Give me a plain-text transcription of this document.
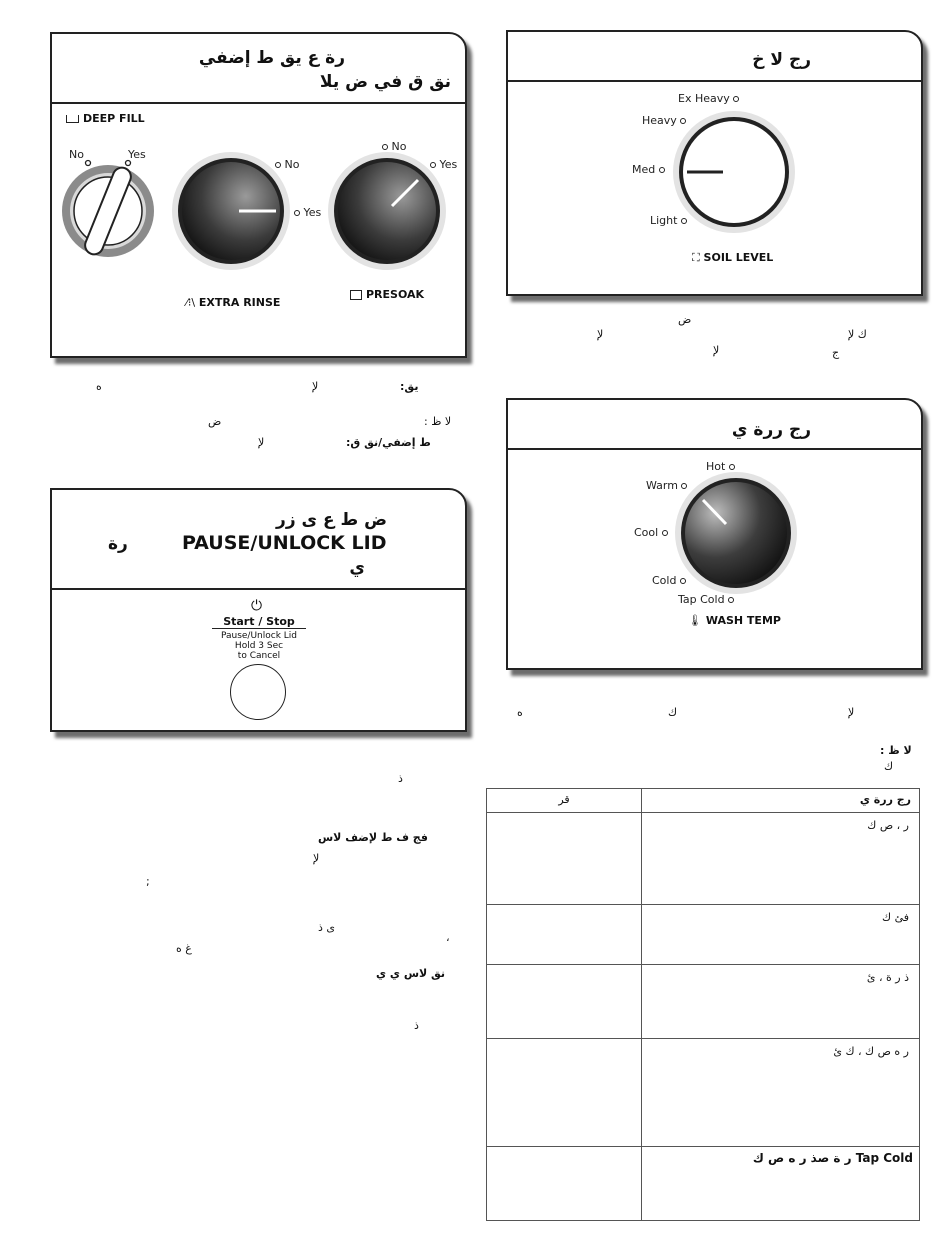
رة ع يق ط إضفي
نق ق في ض يلا
DEEP FILL
No	Yes
No
Yes
⁄⁝\ EXTRA RINSE
No
Yes
PRESOAK
رج لا خ
Ex Heavy
Heavy
Med
Light
⛶ SOIL LEVEL
ض
ك لإ
لإ
لإ	ج
ه	لإ	يق:
لا ظ :
ض
ط إضفي/نق ق:
لإ
ض ط ع ى زر
PAUSE/UNLOCK LID
رة
ي
⏻
Start / Stop
Pause/Unlock Lid
Hold 3 Sec
to Cancel
رج ررة ي
Hot
Warm
Cool
Cold
Tap Cold
🌡 WASH TEMP
ه	ك	لإ
لا ظ :
ك
ذ
فج ف ط لإضف لاس
لإ
;
ى ذ
،
غ ه
نق لاس ي ي
ذ
قر	رج ررة ي
	ر ، ص ك
	فئ ك
	ذ ر ة ، ئ
	ر ه ص ك ، ك ئ
	Tap Cold ر ة صذ ر ه ص ك
